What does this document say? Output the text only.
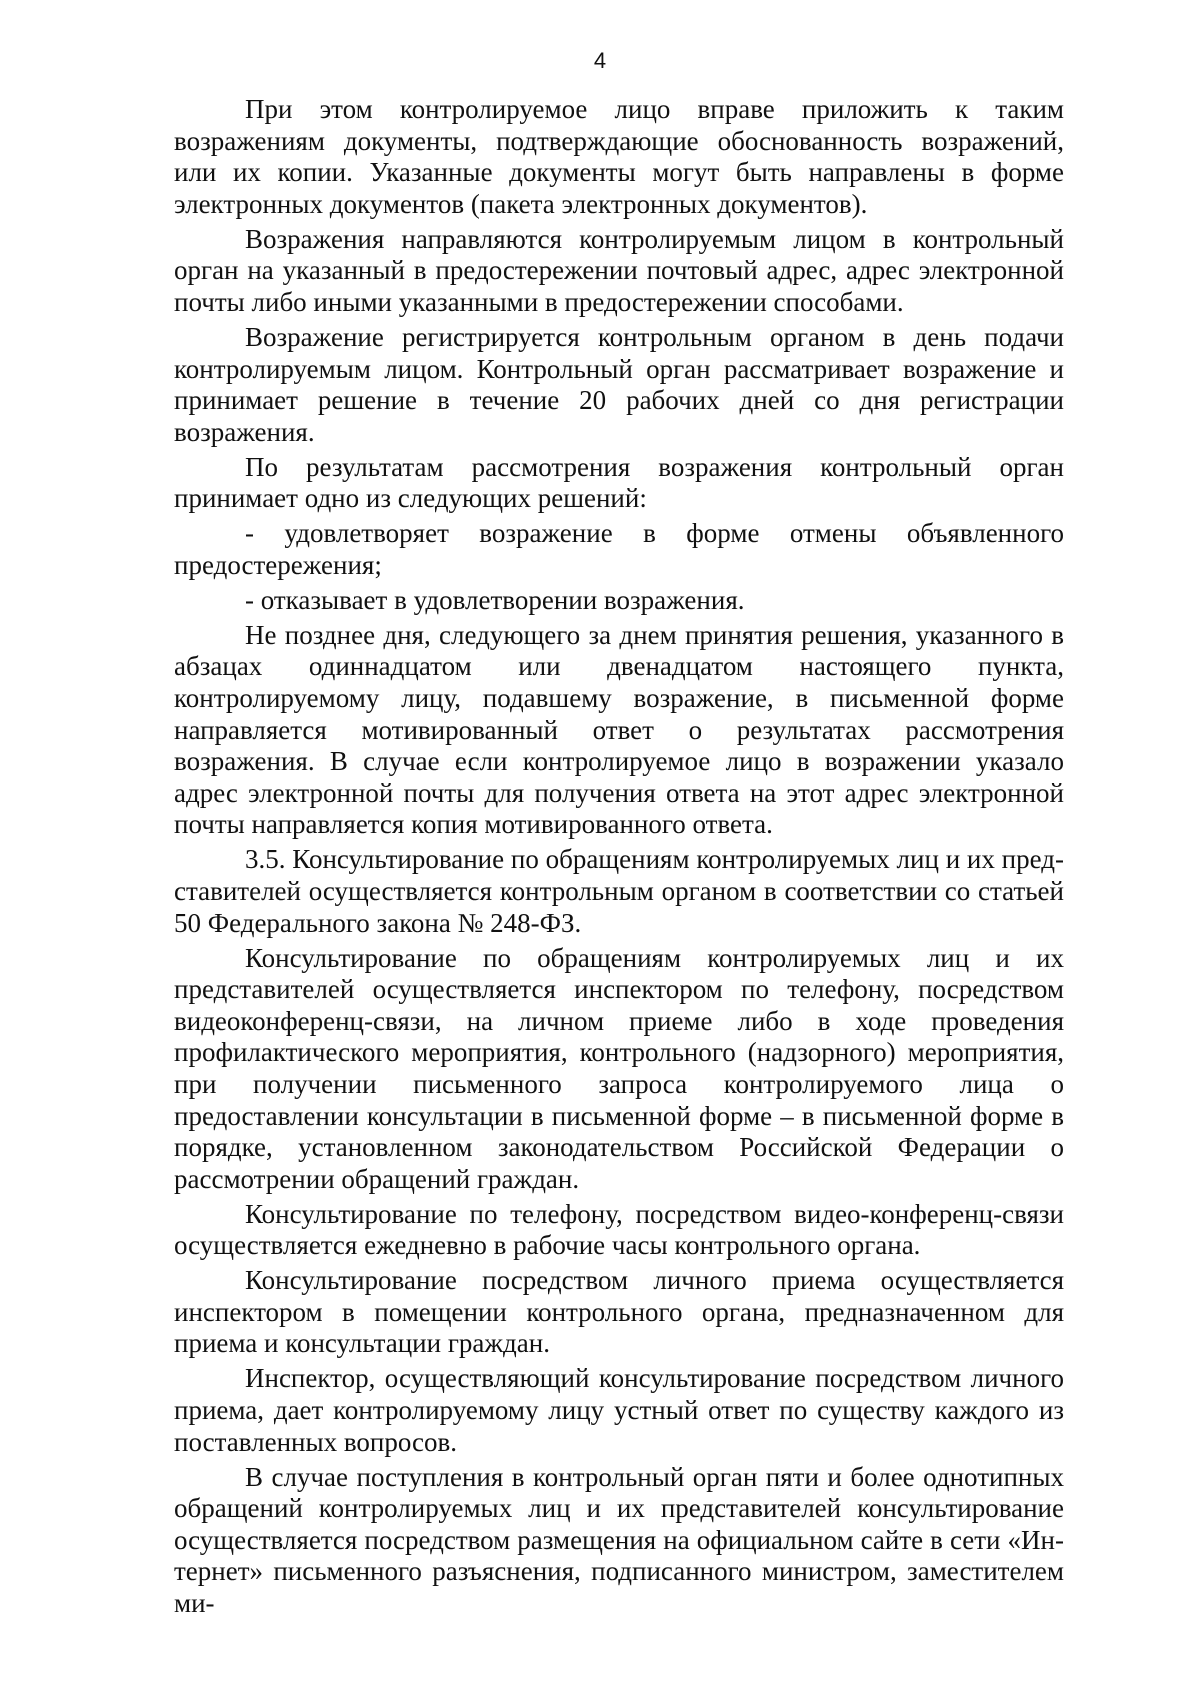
4

При этом контролируемое лицо вправе приложить к таким возражениям документы, подтверждающие обоснованность возражений, или их копии. Указанные документы могут быть направлены в форме электронных документов (пакета электронных документов).

Возражения направляются контролируемым лицом в контрольный орган на указанный в предостережении почтовый адрес, адрес электронной почты либо иными указанными в предостережении способами.

Возражение регистрируется контрольным органом в день подачи контролируемым лицом. Контрольный орган рассматривает возражение и принимает решение в течение 20 рабочих дней со дня регистрации возражения.

По результатам рассмотрения возражения контрольный орган принимает одно из следующих решений:

- удовлетворяет возражение в форме отмены объявленного предостережения;

- отказывает в удовлетворении возражения.

Не позднее дня, следующего за днем принятия решения, указанного в абзацах одиннадцатом или двенадцатом настоящего пункта, контролируемому лицу, подавшему возражение, в письменной форме направляется мотивированный ответ о результатах рассмотрения возражения. В случае если контролируемое лицо в возражении указало адрес электронной почты для получения ответа на этот адрес электронной почты направляется копия мотивированного ответа.

3.5. Консультирование по обращениям контролируемых лиц и их представителей осуществляется контрольным органом в соответствии со статьей 50 Федерального закона № 248-ФЗ.

Консультирование по обращениям контролируемых лиц и их представителей осуществляется инспектором по телефону, посредством видеоконференц-связи, на личном приеме либо в ходе проведения профилактического мероприятия, контрольного (надзорного) мероприятия, при получении письменного запроса контролируемого лица о предоставлении консультации в письменной форме – в письменной форме в порядке, установленном законодательством Российской Федерации о рассмотрении обращений граждан.

Консультирование по телефону, посредством видео-конференц-связи осуществляется ежедневно в рабочие часы контрольного органа.

Консультирование посредством личного приема осуществляется инспектором в помещении контрольного органа, предназначенном для приема и консультации граждан.

Инспектор, осуществляющий консультирование посредством личного приема, дает контролируемому лицу устный ответ по существу каждого из поставленных вопросов.

В случае поступления в контрольный орган пяти и более однотипных обращений контролируемых лиц и их представителей консультирование осуществляется посредством размещения на официальном сайте в сети «Интернет» письменного разъяснения, подписанного министром, заместителем ми-
